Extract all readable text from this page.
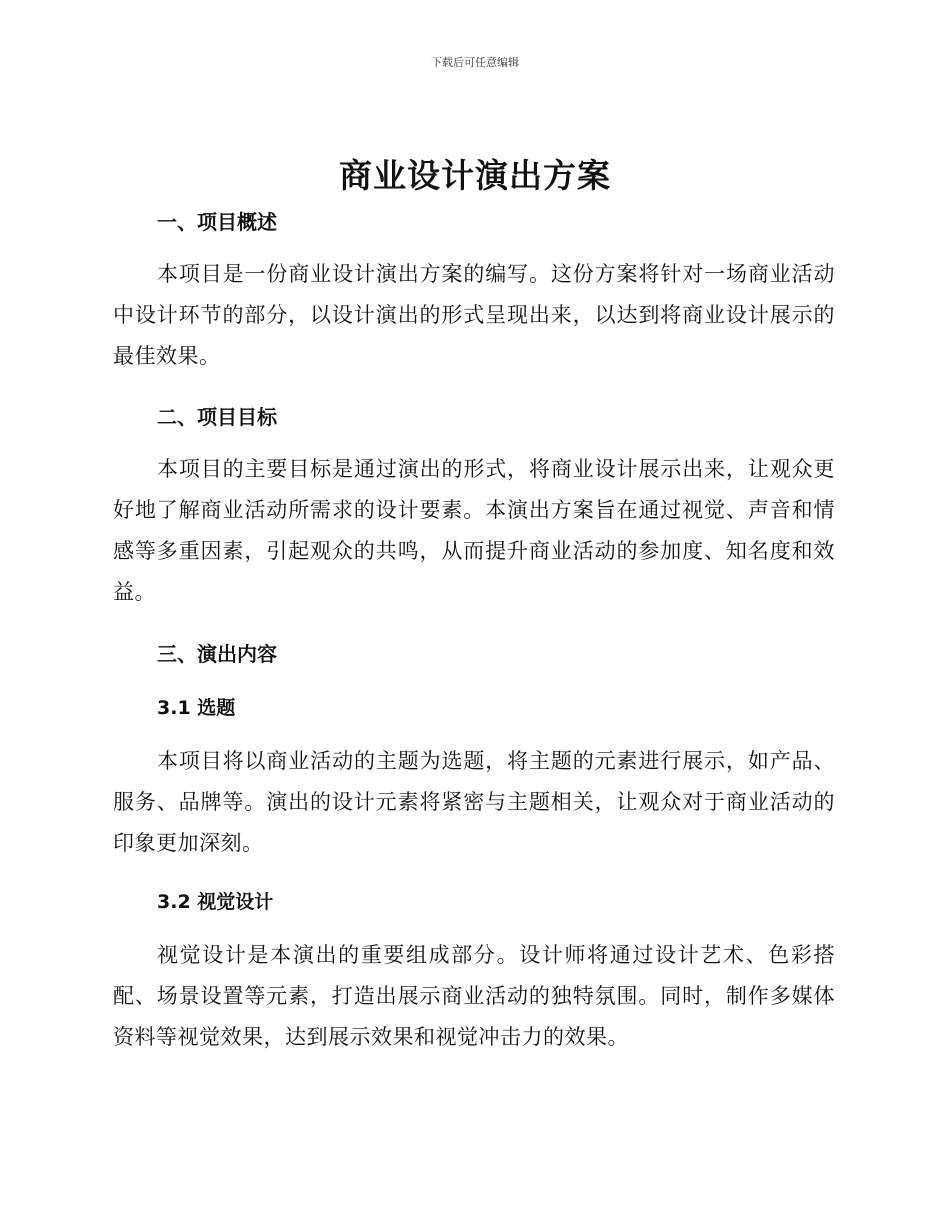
下载后可任意编辑
商业设计演出方案
一、项目概述

本项目是一份商业设计演出方案的编写。这份方案将针对一场商业活动中设计环节的部分，以设计演出的形式呈现出来，以达到将商业设计展示的最佳效果。

二、项目目标

本项目的主要目标是通过演出的形式，将商业设计展示出来，让观众更好地了解商业活动所需求的设计要素。本演出方案旨在通过视觉、声音和情感等多重因素，引起观众的共鸣，从而提升商业活动的参加度、知名度和效益。

三、演出内容
3.1 选题

本项目将以商业活动的主题为选题，将主题的元素进行展示，如产品、服务、品牌等。演出的设计元素将紧密与主题相关，让观众对于商业活动的印象更加深刻。

3.2 视觉设计

视觉设计是本演出的重要组成部分。设计师将通过设计艺术、色彩搭配、场景设置等元素，打造出展示商业活动的独特氛围。同时，制作多媒体资料等视觉效果，达到展示效果和视觉冲击力的效果。
